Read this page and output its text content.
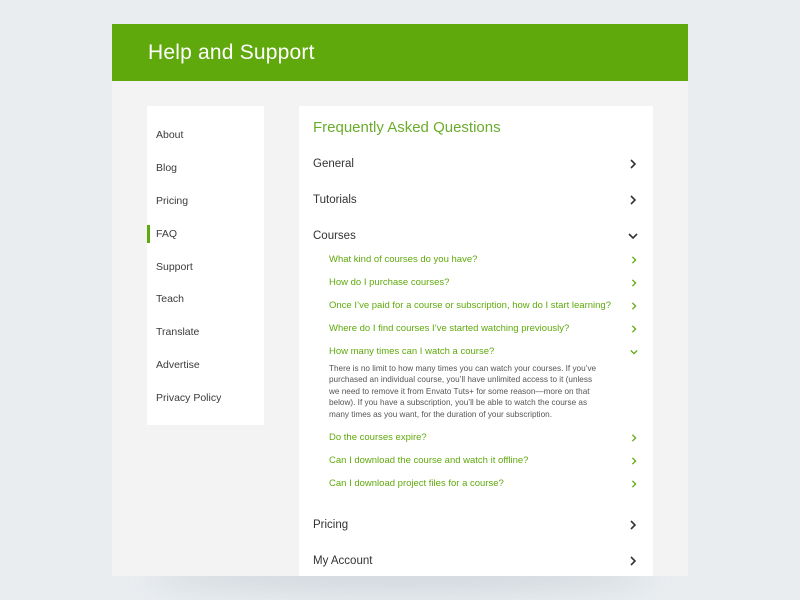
Help and Support
About
Blog
Pricing
FAQ
Support
Teach
Translate
Advertise
Privacy Policy
Frequently Asked Questions
General
Tutorials
Courses
What kind of courses do you have?
How do I purchase courses?
Once I’ve paid for a course or subscription, how do I start learning?
Where do I find courses I’ve started watching previously?
How many times can I watch a course?

There is no limit to how many times you can watch your courses. If you’ve purchased an individual course, you’ll have unlimited access to it (unless we need to remove it from Envato Tuts+ for some reason—more on that below). If you have a subscription, you’ll be able to watch the course as many times as you want, for the duration of your subscription.

Do the courses expire?
Can I download the course and watch it offline?
Can I download project files for a course?
Pricing
My Account
